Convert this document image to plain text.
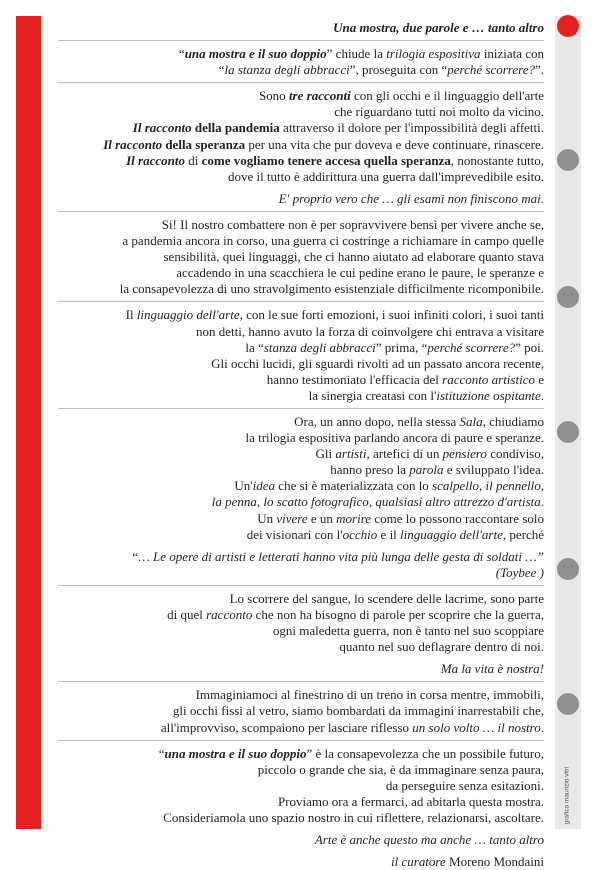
grafica maurizio vitri

Una mostra, due parole e … tanto altro

“una mostra e il suo doppio” chiude la trilogia espositiva iniziata con
“la stanza degli abbracci”, proseguita con “perché scorrere?”.

Sono tre racconti con gli occhi e il linguaggio dell'arte
che riguardano tutti noi molto da vicino.
Il racconto della pandemia attraverso il dolore per l'impossibilità degli affetti.
Il racconto della speranza per una vita che pur doveva e deve continuare, rinascere.
Il racconto di come vogliamo tenere accesa quella speranza, nonostante tutto,
dove il tutto è addirittura una guerra dall'imprevedibile esito.

E' proprio vero che … gli esami non finiscono mai.

Si! Il nostro combattere non è per sopravvivere bensì per vivere anche se,
a pandemia ancora in corso, una guerra ci costringe a richiamare in campo quelle
sensibilità, quei linguaggi, che ci hanno aiutato ad elaborare quanto stava
accadendo in una scacchiera le cui pedine erano le paure, le speranze e
la consapevolezza di uno stravolgimento esistenziale difficilmente ricomponibile.

Il linguaggio dell'arte, con le sue forti emozioni, i suoi infiniti colori, i suoi tanti
non detti, hanno avuto la forza di coinvolgere chi entrava a visitare
la “stanza degli abbracci” prima, “perché scorrere?” poi.
Gli occhi lucidi, gli sguardi rivolti ad un passato ancora recente,
hanno testimoniato l'efficacia del racconto artistico e
la sinergia creatasi con l'istituzione ospitante.

Ora, un anno dopo, nella stessa Sala, chiudiamo
la trilogia espositiva parlando ancora di paure e speranze.
Gli artisti, artefici di un pensiero condiviso,
hanno preso la parola e sviluppato l'idea.
Un'idea che si è materializzata con lo scalpello, il pennello,
la penna, lo scatto fotografico, qualsiasi altro attrezzo d'artista.
Un vivere e un morire come lo possono raccontare solo
dei visionari con l'occhio e il linguaggio dell'arte, perché

“… Le opere di artisti e letterati hanno vita più lunga delle gesta di soldati …”
(Toybee )

Lo scorrere del sangue, lo scendere delle lacrime, sono parte
di quel racconto che non ha bisogno di parole per scoprire che la guerra,
ogni maledetta guerra, non è tanto nel suo scoppiare
quanto nel suo deflagrare dentro di noi.

Ma la vita è nostra!

Immaginiamoci al finestrino di un treno in corsa mentre, immobili,
gli occhi fissi al vetro, siamo bombardati da immagini inarrestabili che,
all'improvviso, scompaiono per lasciare riflesso un solo volto … il nostro.

“una mostra e il suo doppio” è la consapevolezza che un possibile futuro,
piccolo o grande che sia, è da immaginare senza paura,
da perseguire senza esitazioni.
Proviamo ora a fermarci, ad abitarla questa mostra.
Consideriamola uno spazio nostro in cui riflettere, relazionarsi, ascoltare.

Arte è anche questo ma anche … tanto altro

il curatore Moreno Mondaini
